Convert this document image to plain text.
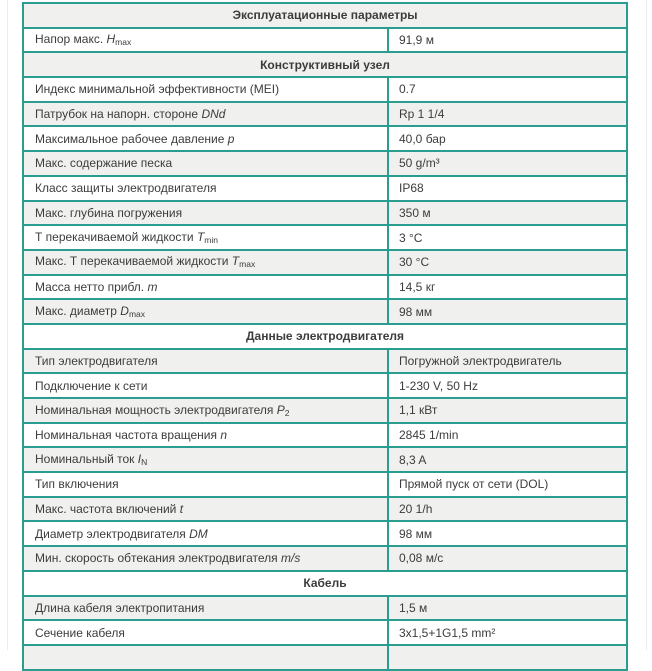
Эксплуатационные параметры
Напор макс. $H_{max}$	91,9 м
Конструктивный узел
Индекс минимальной эффективности (MEI)	0.7
Патрубок на напорн. стороне DNd	Rp 1 1/4
Максимальное рабочее давление p	40,0 бар
Макс. содержание песка	50 g/m³
Класс защиты электродвигателя	IP68
Макс. глубина погружения	350 м
Т перекачиваемой жидкости $T_{min}$	3 °C
Макс. Т перекачиваемой жидкости $T_{max}$	30 °C
Масса нетто прибл. m	14,5 кг
Макс. диаметр $D_{max}$	98 мм
Данные электродвигателя
Тип электродвигателя	Погружной электродвигатель
Подключение к сети	1-230 V, 50 Hz
Номинальная мощность электродвигателя $P_2$	1,1 кВт
Номинальная частота вращения n	2845 1/min
Номинальный ток $I_N$	8,3 A
Тип включения	Прямой пуск от сети (DOL)
Макс. частота включений t	20 1/h
Диаметр электродвигателя DM	98 мм
Мин. скорость обтекания электродвигателя m/s	0,08 м/с
Кабель
Длина кабеля электропитания	1,5 м
Сечение кабеля	3x1,5+1G1,5 mm²
